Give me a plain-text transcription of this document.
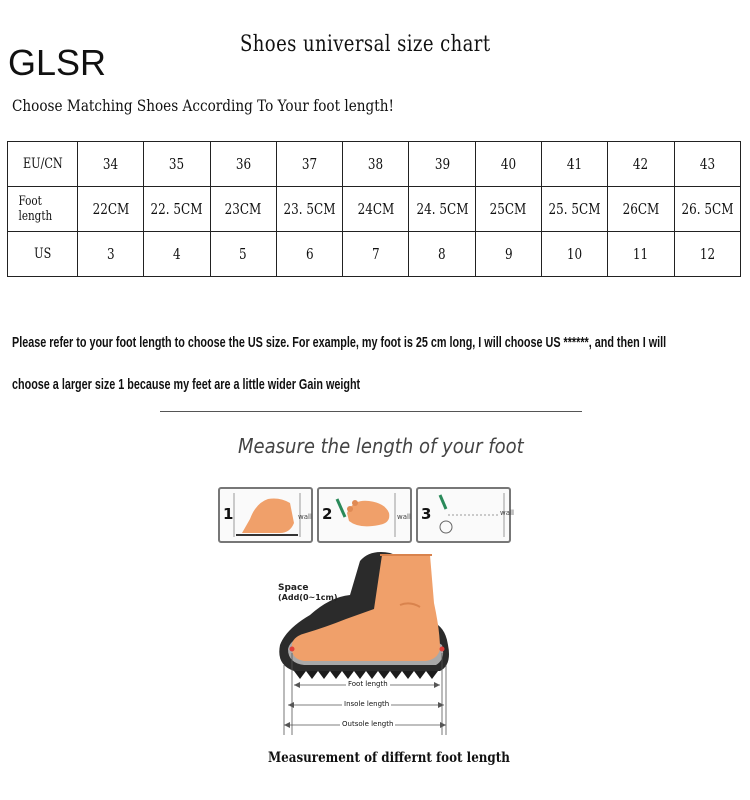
GLSR	Shoes universal size chart
Choose Matching Shoes According To Your foot length!
EU/CN	34	35	36	37	38	39	40	41	42	43
Foot length	22CM	22. 5CM	23CM	23. 5CM	24CM	24. 5CM	25CM	25. 5CM	26CM	26. 5CM
US	3	4	5	6	7	8	9	10	11	12
Please refer to your foot length to choose the US size. For example, my foot is 25 cm long, I will choose US ******, and then I will
choose a larger size 1 because my feet are a little wider Gain weight
Measure the length of your foot
1	wall 2	wall 3	wall
Space
(Add(0~1cm)
Foot length
Insole length
Outsole length
Measurement of differnt foot length
